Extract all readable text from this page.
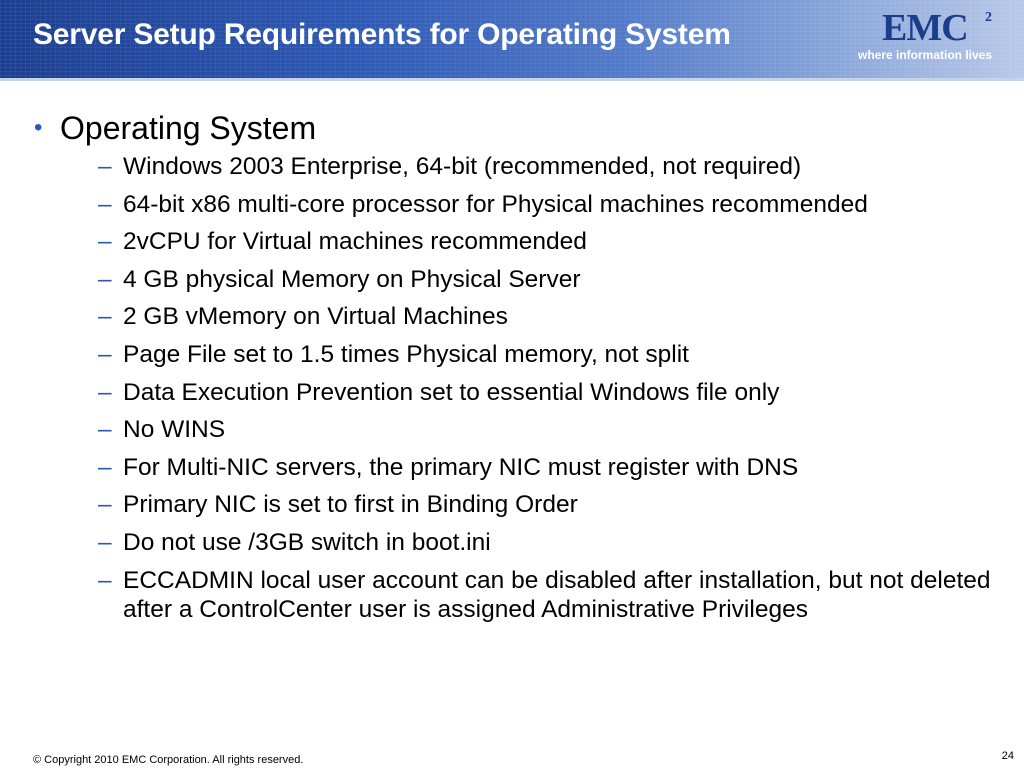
Server Setup Requirements for Operating System	EMC 2
where information lives
• Operating System
– Windows 2003 Enterprise, 64-bit (recommended, not required)
– 64-bit x86 multi-core processor for Physical machines recommended
– 2vCPU for Virtual machines recommended
– 4 GB physical Memory on Physical Server
– 2 GB vMemory on Virtual Machines
– Page File set to 1.5 times Physical memory, not split
– Data Execution Prevention set to essential Windows file only
– No WINS
– For Multi-NIC servers, the primary NIC must register with DNS
– Primary NIC is set to first in Binding Order
– Do not use /3GB switch in boot.ini
– ECCADMIN local user account can be disabled after installation, but not deleted after a ControlCenter user is assigned Administrative Privileges
© Copyright 2010 EMC Corporation. All rights reserved.	24
